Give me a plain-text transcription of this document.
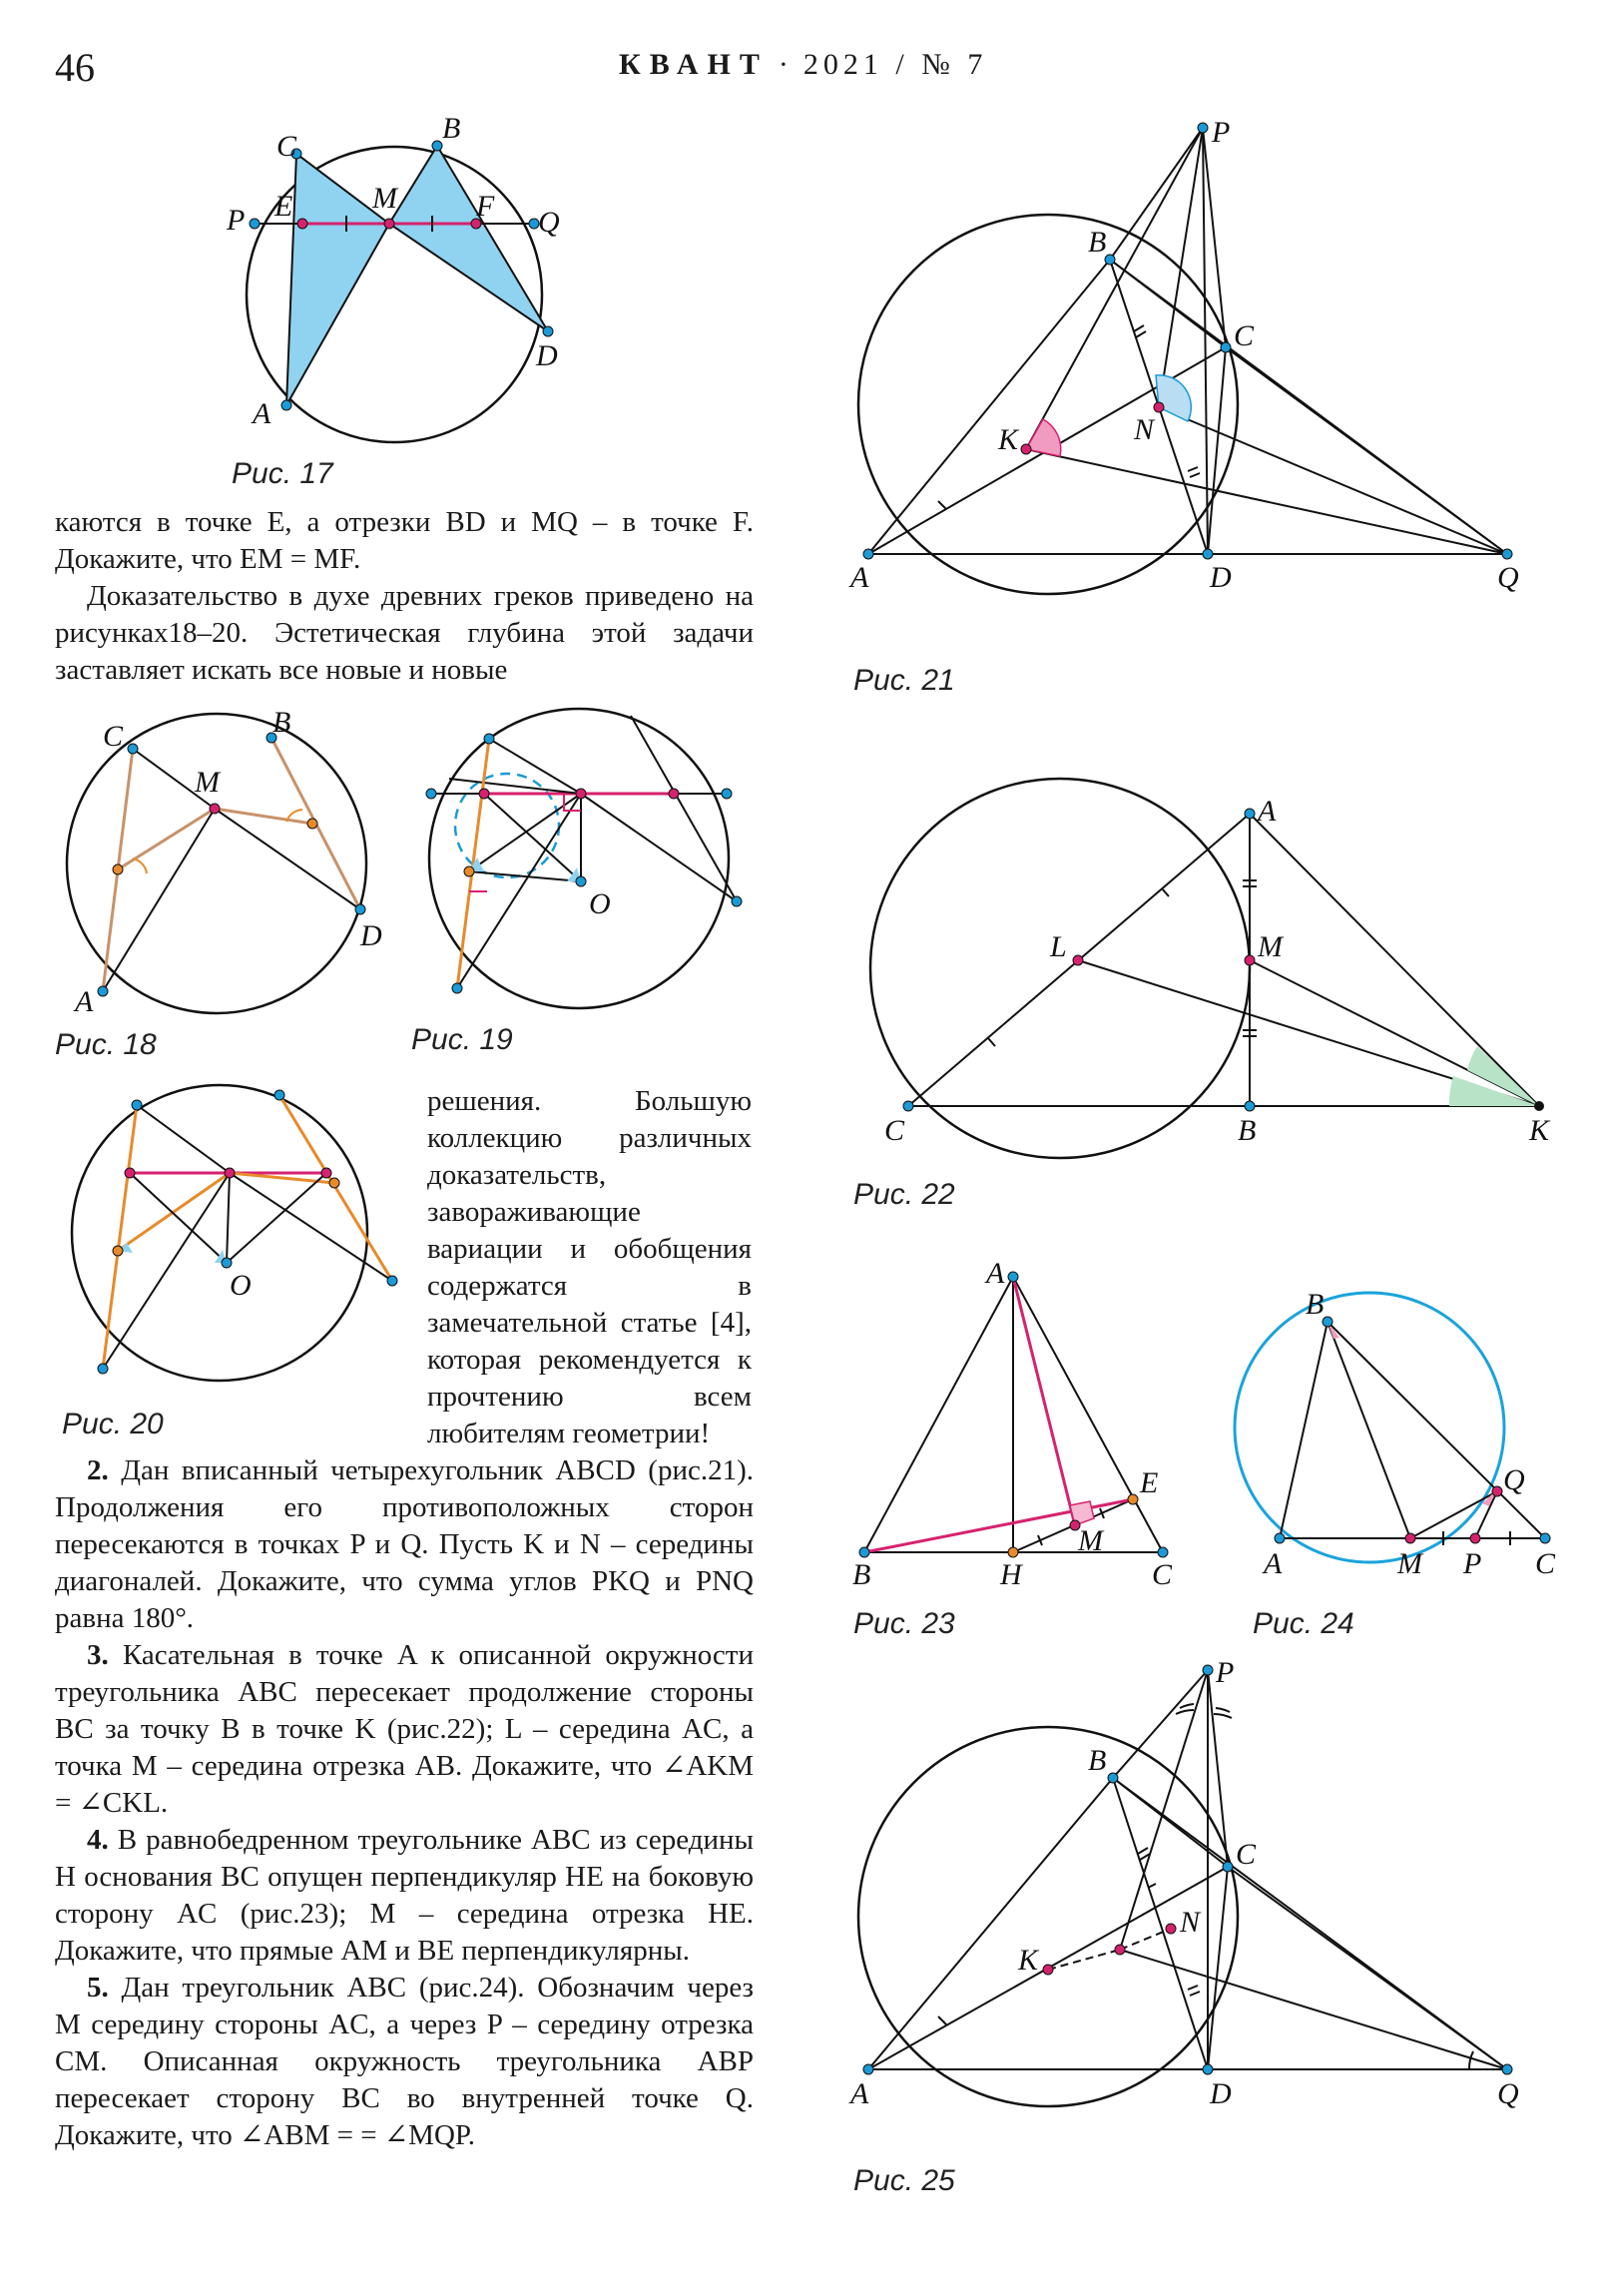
46	КВАНТ · 2021 / № 7
C
B
P E	M	F Q
D
A
Рис. 17

каются в точке E, а отрезки BD и MQ – в точке F. Докажите, что EM = MF.

Доказательство в духе древних греков приведено на рисунках18–20. Эстетическая глубина этой задачи заставляет искать все новые и новые

C	B
M
D
A
Рис. 18
O
Рис. 19
O
Рис. 20

решения. Большую коллекцию различных доказательств, завораживающие вариации и обобщения содержатся в замечательной статье [4], которая рекомендуется к прочтению всем любителям геометрии!

2. Дан вписанный четырехугольник ABCD (рис.21). Продолжения его противоположных сторон пересекаются в точках P и Q. Пусть K и N – середины диагоналей. Докажите, что сумма углов PKQ и PNQ равна 180°.

3. Касательная в точке A к описанной окружности треугольника ABC пересекает продолжение стороны BC за точку B в точке K (рис.22); L – середина AC, а точка M – середина отрезка AB. Докажите, что ∠AKM = ∠CKL.

4. В равнобедренном треугольнике ABC из середины H основания BC опущен перпендикуляр HE на боковую сторону AC (рис.23); M – середина отрезка HE. Докажите, что прямые AM и BE перпендикулярны.

5. Дан треугольник ABC (рис.24). Обозначим через M середину стороны AC, а через P – середину отрезка CM. Описанная окружность треугольника ABP пересекает сторону BC во внутренней точке Q. Докажите, что ∠ABM = = ∠MQP.

P
B
C
K	N
A	D	Q
Рис. 21
A
L	M
C	B	K
Рис. 22
A
E
M
B	H	C
Рис. 23
B
Q
A	M P C
Рис. 24
P
B
C
N
K
A	D	Q
Рис. 25
